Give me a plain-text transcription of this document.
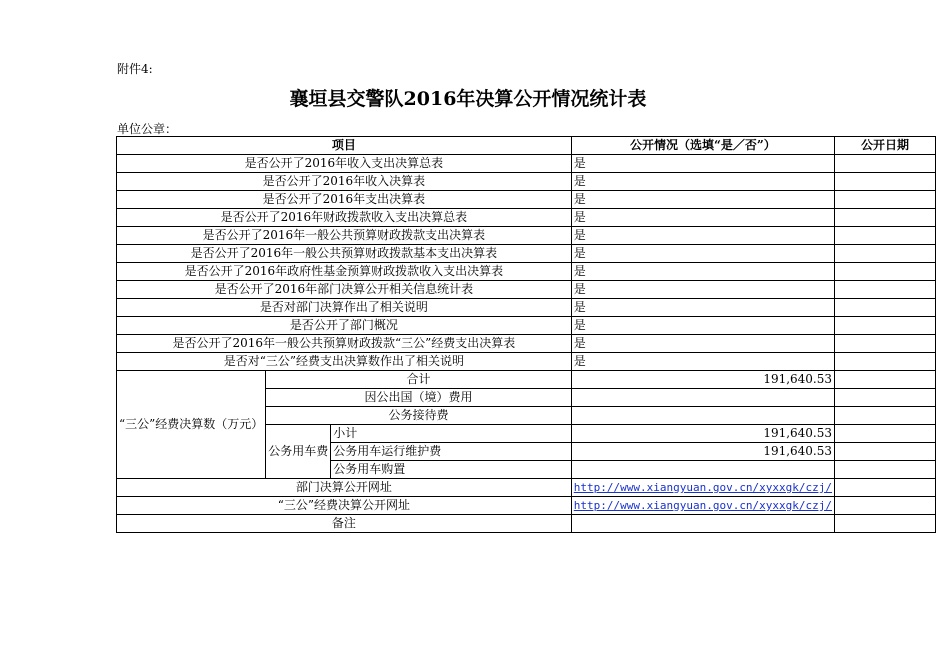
附件4:
襄垣县交警队2016年决算公开情况统计表
单位公章：
项目			公开情况（选填“是／否”）	公开日期
是否公开了2016年收入支出决算总表			是	
是否公开了2016年收入决算表			是	
是否公开了2016年支出决算表			是	
是否公开了2016年财政拨款收入支出决算总表			是	
是否公开了2016年一般公共预算财政拨款支出决算表			是	
是否公开了2016年一般公共预算财政拨款基本支出决算表			是	
是否公开了2016年政府性基金预算财政拨款收入支出决算表			是	
是否公开了2016年部门决算公开相关信息统计表			是	
是否对部门决算作出了相关说明			是	
是否公开了部门概况			是	
是否公开了2016年一般公共预算财政拨款“三公”经费支出决算表			是	
是否对“三公”经费支出决算数作出了相关说明			是	
“三公”经费决算数（万元）	合计		191,640.53	
	因公出国（境）费用			
	公务接待费			
	公务用车费	小计	191,640.53	
		公务用车运行维护费	191,640.53	
		公务用车购置		
部门决算公开网址			http://www.xiangyuan.gov.cn/xyxxgk/czj/	
“三公”经费决算公开网址			http://www.xiangyuan.gov.cn/xyxxgk/czj/	
备注				
